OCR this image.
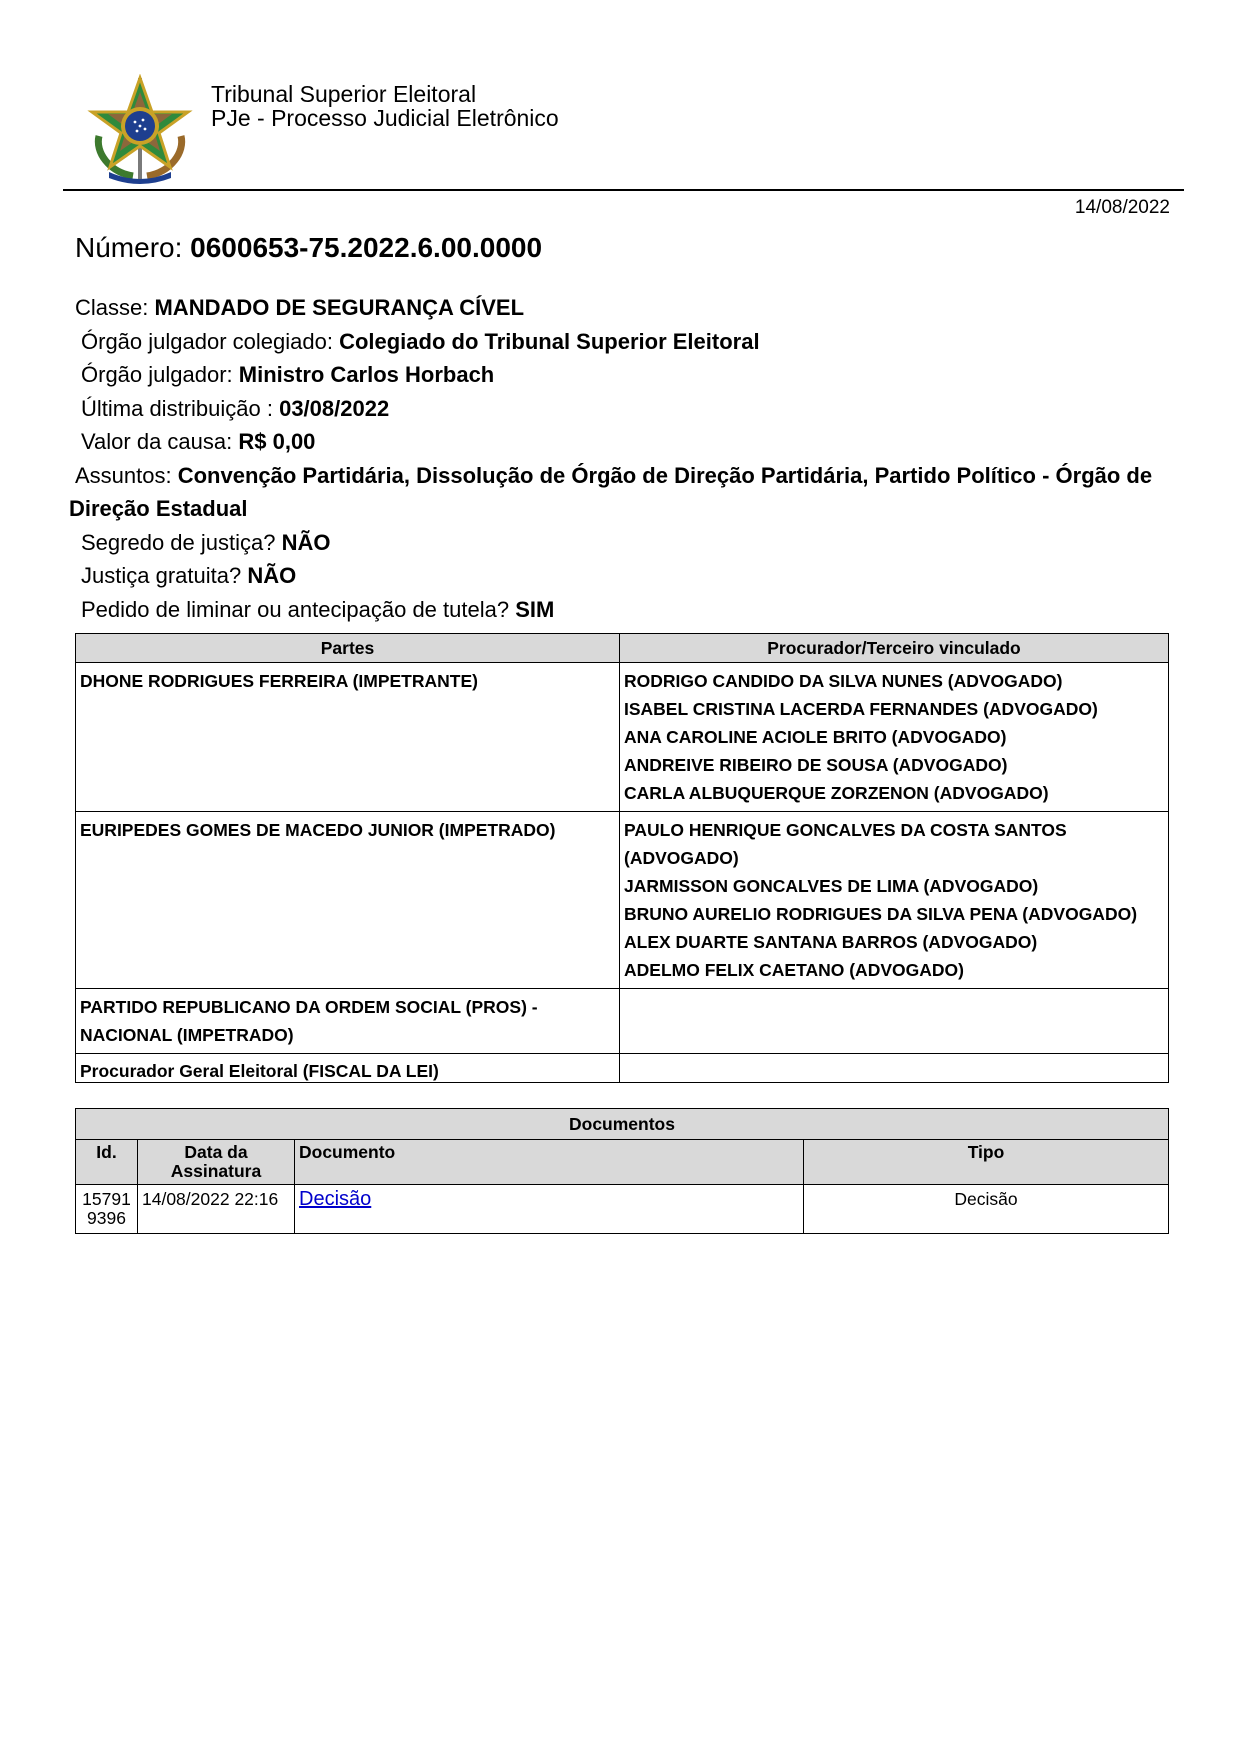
Tribunal Superior Eleitoral
PJe - Processo Judicial Eletrônico
14/08/2022
Número: 0600653-75.2022.6.00.0000
Classe: MANDADO DE SEGURANÇA CÍVEL
Órgão julgador colegiado: Colegiado do Tribunal Superior Eleitoral
Órgão julgador: Ministro Carlos Horbach
Última distribuição : 03/08/2022
Valor da causa: R$ 0,00
Assuntos: Convenção Partidária, Dissolução de Órgão de Direção Partidária, Partido Político - Órgão de Direção Estadual
Segredo de justiça? NÃO
Justiça gratuita? NÃO
Pedido de liminar ou antecipação de tutela? SIM
Partes	Procurador/Terceiro vinculado
DHONE RODRIGUES FERREIRA (IMPETRANTE)	RODRIGO CANDIDO DA SILVA NUNES (ADVOGADO)
ISABEL CRISTINA LACERDA FERNANDES (ADVOGADO)
ANA CAROLINE ACIOLE BRITO (ADVOGADO)
ANDREIVE RIBEIRO DE SOUSA (ADVOGADO)
CARLA ALBUQUERQUE ZORZENON (ADVOGADO)

EURIPEDES GOMES DE MACEDO JUNIOR (IMPETRADO)	PAULO HENRIQUE GONCALVES DA COSTA SANTOS (ADVOGADO)
JARMISSON GONCALVES DE LIMA (ADVOGADO)
BRUNO AURELIO RODRIGUES DA SILVA PENA (ADVOGADO)
ALEX DUARTE SANTANA BARROS (ADVOGADO)
ADELMO FELIX CAETANO (ADVOGADO)

PARTIDO REPUBLICANO DA ORDEM SOCIAL (PROS) - NACIONAL (IMPETRADO)	
Procurador Geral Eleitoral (FISCAL DA LEI)	
Documentos			
Id.	Data da Assinatura	Documento	Tipo
157919396	14/08/2022 22:16	Decisão	Decisão
